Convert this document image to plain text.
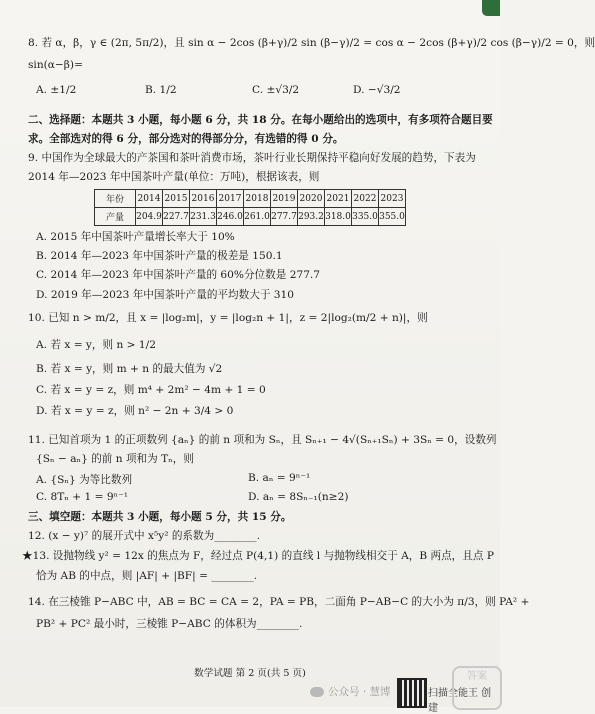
8. 若 α，β，γ ∈ (2π, 5π/2)，且 sin α − 2cos (β+γ)/2 sin (β−γ)/2 = cos α − 2cos (β+γ)/2 cos (β−γ)/2 = 0，则
sin(α−β)=
A. ±1/2	B. 1/2	C. ±√3/2	D. −√3/2
二、选择题：本题共 3 小题，每小题 6 分，共 18 分。在每小题给出的选项中，有多项符合题目要
求。全部选对的得 6 分，部分选对的得部分分，有选错的得 0 分。
9. 中国作为全球最大的产茶国和茶叶消费市场，茶叶行业长期保持平稳向好发展的趋势，下表为
2014 年—2023 年中国茶叶产量(单位：万吨)，根据该表，则
年份	2014	2015	2016	2017	2018	2019	2020	2021	2022	2023
产量	204.9	227.7	231.3	246.0	261.0	277.7	293.2	318.0	335.0	355.0
A. 2015 年中国茶叶产量增长率大于 10%
B. 2014 年—2023 年中国茶叶产量的极差是 150.1
C. 2014 年—2023 年中国茶叶产量的 60%分位数是 277.7
D. 2019 年—2023 年中国茶叶产量的平均数大于 310
10. 已知 n > m/2，且 x = |log₂m|，y = |log₂n + 1|，z = 2|log₂(m/2 + n)|，则
A. 若 x = y，则 n > 1/2
B. 若 x = y，则 m + n 的最大值为 √2
C. 若 x = y = z，则 m⁴ + 2m² − 4m + 1 = 0
D. 若 x = y = z，则 n² − 2n + 3/4 > 0
11. 已知首项为 1 的正项数列 {aₙ} 的前 n 项和为 Sₙ，且 Sₙ₊₁ − 4√(Sₙ₊₁Sₙ) + 3Sₙ = 0，设数列
{Sₙ − aₙ} 的前 n 项和为 Tₙ，则
A. {Sₙ} 为等比数列	B. aₙ = 9ⁿ⁻¹
C. 8Tₙ + 1 = 9ⁿ⁻¹	D. aₙ = 8Sₙ₋₁(n≥2)
三、填空题：本题共 3 小题，每小题 5 分，共 15 分。
12. (x − y)⁷ 的展开式中 x⁵y² 的系数为________.
★13. 设抛物线 y² = 12x 的焦点为 F，经过点 P(4,1) 的直线 l 与抛物线相交于 A，B 两点，且点 P
恰为 AB 的中点，则 |AF| + |BF| = ________.
14. 在三棱锥 P−ABC 中，AB = BC = CA = 2，PA = PB，二面角 P−AB−C 的大小为 π/3，则 PA² +
PB² + PC² 最小时，三棱锥 P−ABC 的体积为________.
数学试题 第 2 页(共 5 页)
公众号 · 慧博	扫描全能王 创建
答案
